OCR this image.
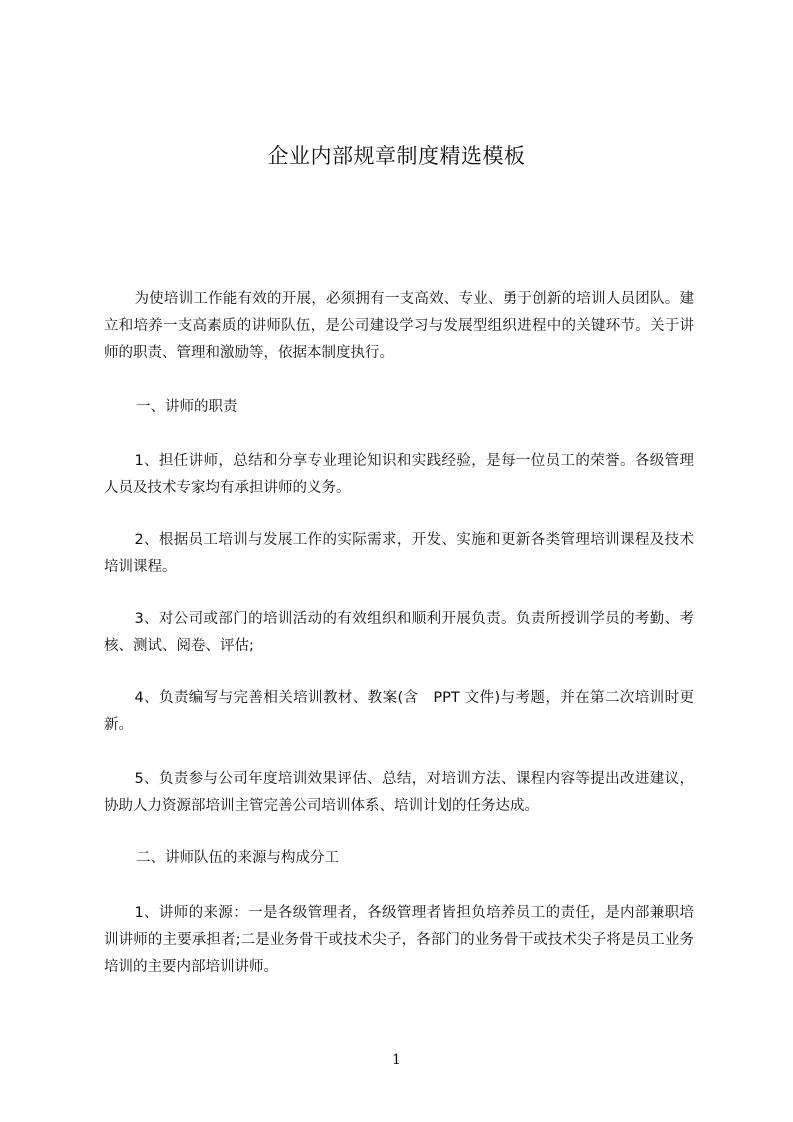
企业内部规章制度精选模板

为使培训工作能有效的开展，必须拥有一支高效、专业、勇于创新的培训人员团队。建立和培养一支高素质的讲师队伍，是公司建设学习与发展型组织进程中的关键环节。关于讲师的职责、管理和激励等，依据本制度执行。

一、讲师的职责

1、担任讲师，总结和分享专业理论知识和实践经验，是每一位员工的荣誉。各级管理人员及技术专家均有承担讲师的义务。

2、根据员工培训与发展工作的实际需求，开发、实施和更新各类管理培训课程及技术培训课程。

3、对公司或部门的培训活动的有效组织和顺利开展负责。负责所授训学员的考勤、考核、测试、阅卷、评估;

4、负责编写与完善相关培训教材、教案(含　PPT 文件)与考题，并在第二次培训时更新。

5、负责参与公司年度培训效果评估、总结，对培训方法、课程内容等提出改进建议，协助人力资源部培训主管完善公司培训体系、培训计划的任务达成。

二、讲师队伍的来源与构成分工

1、讲师的来源：一是各级管理者，各级管理者皆担负培养员工的责任，是内部兼职培训讲师的主要承担者;二是业务骨干或技术尖子，各部门的业务骨干或技术尖子将是员工业务培训的主要内部培训讲师。

1
